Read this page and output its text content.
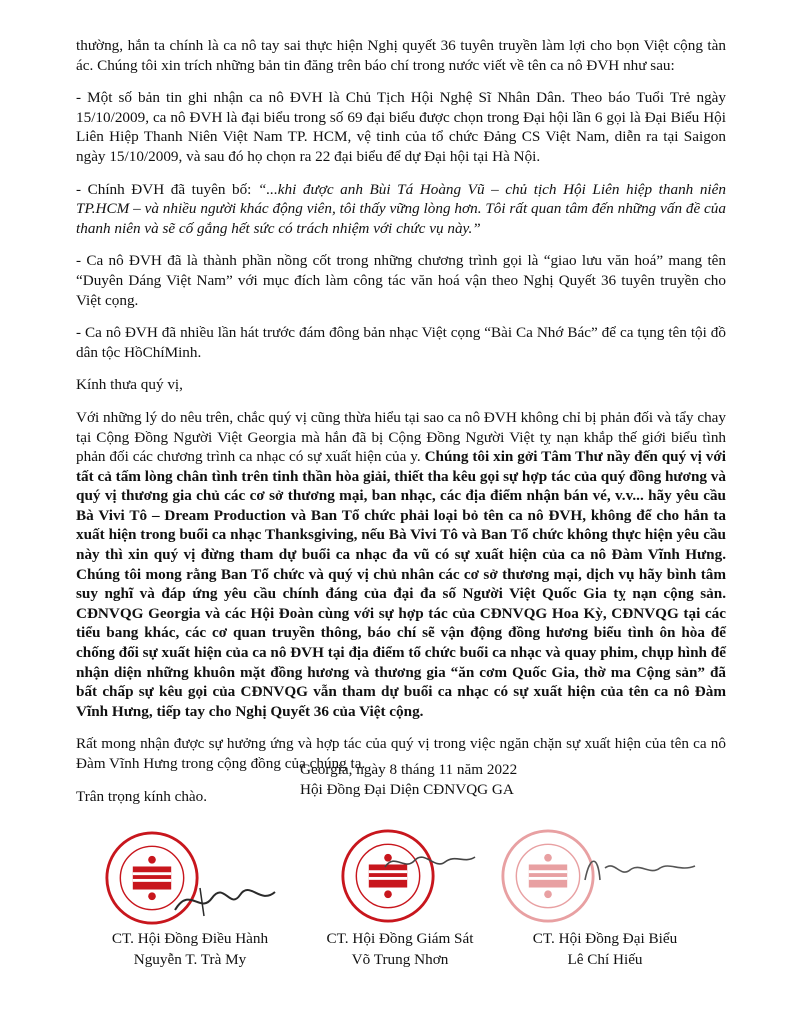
thường, hắn ta chính là ca nô tay sai thực hiện Nghị quyết 36 tuyên truyền làm lợi cho bọn Việt cộng tàn ác. Chúng tôi xin trích những bản tin đăng trên báo chí trong nước viết về tên ca nô ĐVH như sau:

- Một số bản tin ghi nhận ca nô ĐVH là Chủ Tịch Hội Nghệ Sĩ Nhân Dân. Theo báo Tuổi Trẻ ngày 15/10/2009, ca nô ĐVH là đại biểu trong số 69 đại biểu được chọn trong Đại hội lần 6 gọi là Đại Biểu Hội Liên Hiệp Thanh Niên Việt Nam TP. HCM, vệ tinh của tổ chức Đảng CS Việt Nam, diễn ra tại Saigon ngày 15/10/2009, và sau đó họ chọn ra 22 đại biểu để dự Đại hội tại Hà Nội.

- Chính ĐVH đã tuyên bố: “...khi được anh Bùi Tá Hoàng Vũ – chủ tịch Hội Liên hiệp thanh niên TP.HCM – và nhiều người khác động viên, tôi thấy vững lòng hơn. Tôi rất quan tâm đến những vấn đề của thanh niên và sẽ cố gắng hết sức có trách nhiệm với chức vụ này.”

- Ca nô ĐVH đã là thành phần nồng cốt trong những chương trình gọi là “giao lưu văn hoá” mang tên “Duyên Dáng Việt Nam” với mục đích làm công tác văn hoá vận theo Nghị Quyết 36 tuyên truyền cho Việt cọng.

- Ca nô ĐVH đã nhiều lần hát trước đám đông bản nhạc Việt cọng “Bài Ca Nhớ Bác” để ca tụng tên tội đồ dân tộc HồChíMinh.

Kính thưa quý vị,

Với những lý do nêu trên, chắc quý vị cũng thừa hiểu tại sao ca nô ĐVH không chỉ bị phản đối và tẩy chay tại Cộng Đồng Người Việt Georgia mà hắn đã bị Cộng Đồng Người Việt tỵ nạn khắp thế giới biểu tình phản đối các chương trình ca nhạc có sự xuất hiện của y. Chúng tôi xin gởi Tâm Thư nầy đến quý vị với tất cả tấm lòng chân tình trên tinh thần hòa giải, thiết tha kêu gọi sự hợp tác của quý đồng hương và quý vị thương gia chủ các cơ sở thương mại, ban nhạc, các địa điểm nhận bán vé, v.v... hãy yêu cầu Bà Vivi Tô – Dream Production và Ban Tổ chức phải loại bỏ tên ca nô ĐVH, không để cho hắn ta xuất hiện trong buổi ca nhạc Thanksgiving, nếu Bà Vivi Tô và Ban Tổ chức không thực hiện yêu cầu này thì xin quý vị đừng tham dự buổi ca nhạc đa vũ có sự xuất hiện của ca nô Đàm Vĩnh Hưng. Chúng tôi mong rằng Ban Tổ chức và quý vị chủ nhân các cơ sở thương mại, dịch vụ hãy bình tâm suy nghĩ và đáp ứng yêu cầu chính đáng của đại đa số Người Việt Quốc Gia tỵ nạn cộng sản. CĐNVQG Georgia và các Hội Đoàn cùng với sự hợp tác của CĐNVQG Hoa Kỳ, CĐNVQG tại các tiểu bang khác, các cơ quan truyền thông, báo chí sẽ vận động đồng hương biểu tình ôn hòa để chống đối sự xuất hiện của ca nô ĐVH tại địa điểm tổ chức buổi ca nhạc và quay phim, chụp hình để nhận diện những khuôn mặt đồng hương và thương gia “ăn cơm Quốc Gia, thờ ma Cộng sản” đã bất chấp sự kêu gọi của CĐNVQG vẫn tham dự buổi ca nhạc có sự xuất hiện của tên ca nô Đàm Vĩnh Hưng, tiếp tay cho Nghị Quyết 36 của Việt cộng.

Rất mong nhận được sự hưởng ứng và hợp tác của quý vị trong việc ngăn chặn sự xuất hiện của tên ca nô Đàm Vĩnh Hưng trong cộng đồng của chúng ta.

Trân trọng kính chào.

Georgia, ngày 8 tháng 11 năm 2022
Hội Đồng Đại Diện CĐNVQG GA
CT. Hội Đồng Điều Hành
Nguyễn T. Trà My
CT. Hội Đồng Giám Sát
Võ Trung Nhơn
CT. Hội Đồng Đại Biểu
Lê Chí Hiếu
